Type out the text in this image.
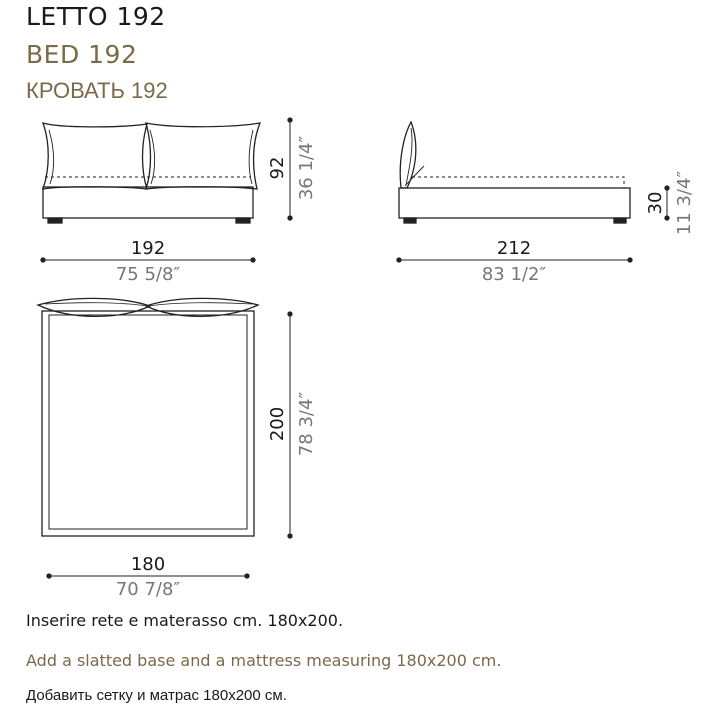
LETTO 192
BED 192
КРОВАТЬ 192
192
75 5/8″
92 36 1/4″
212
83 1/2″
30 11 3/4″
180
70 7/8″
200 78 3/4″
Inserire rete e materasso cm. 180x200.
Add a slatted base and a mattress measuring 180x200 cm.
Добавить сетку и матрас 180x200 см.
